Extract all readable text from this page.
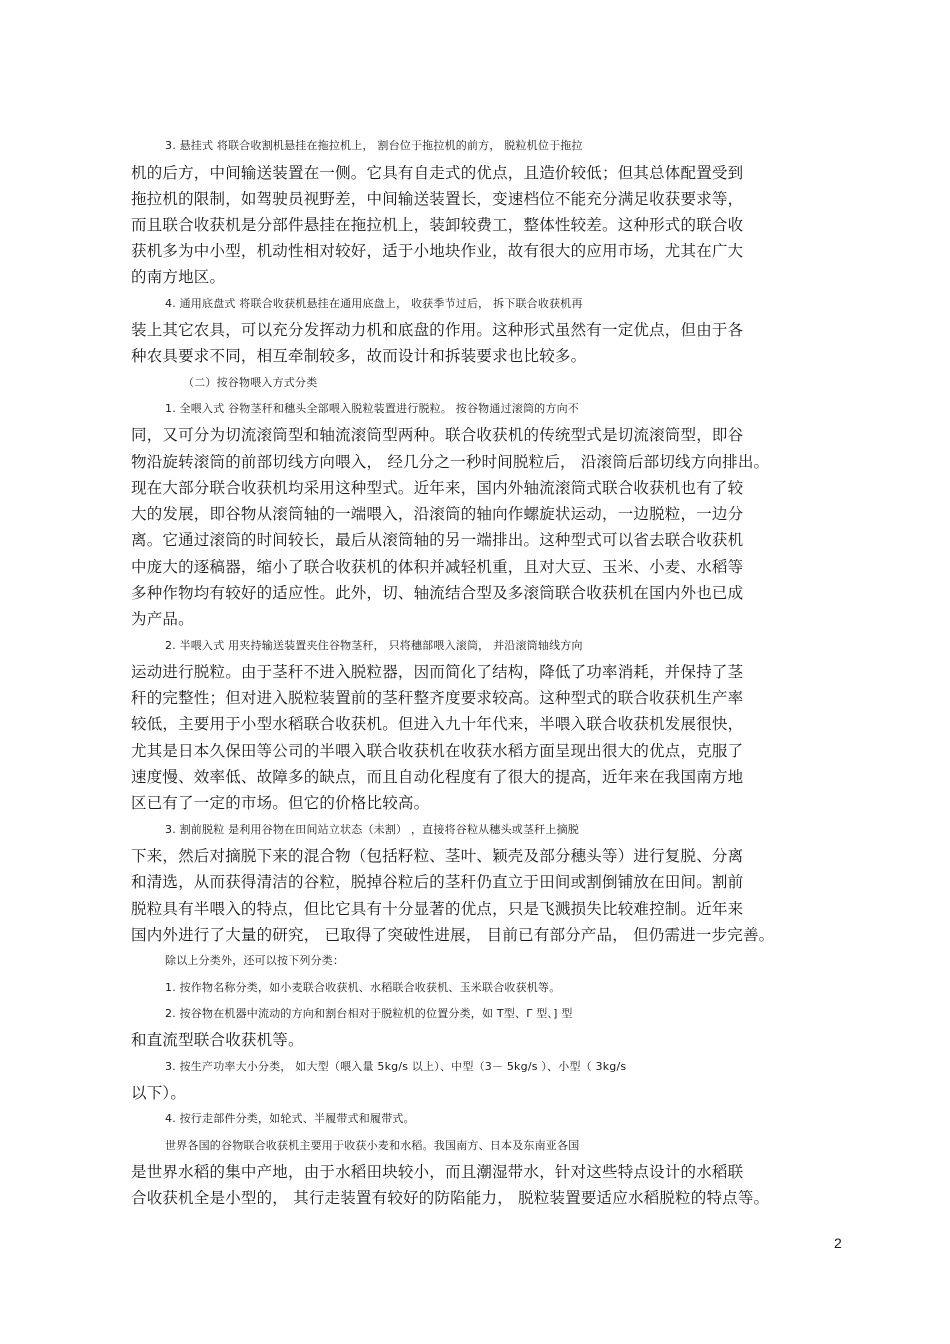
3. 悬挂式 将联合收割机悬挂在拖拉机上， 割台位于拖拉机的前方， 脱粒机位于拖拉
机的后方，中间输送装置在一侧。它具有自走式的优点，且造价较低；但其总体配置受到
拖拉机的限制，如驾驶员视野差，中间输送装置长，变速档位不能充分满足收获要求等，
而且联合收获机是分部件悬挂在拖拉机上，装卸较费工，整体性较差。这种形式的联合收
获机多为中小型，机动性相对较好，适于小地块作业，故有很大的应用市场，尤其在广大
的南方地区。
4. 通用底盘式 将联合收获机悬挂在通用底盘上， 收获季节过后， 拆下联合收获机再
装上其它农具，可以充分发挥动力机和底盘的作用。这种形式虽然有一定优点，但由于各
种农具要求不同，相互牵制较多，故而设计和拆装要求也比较多。
（二）按谷物喂入方式分类
1. 全喂入式 谷物茎秆和穗头全部喂入脱粒装置进行脱粒。 按谷物通过滚筒的方向不
同，又可分为切流滚筒型和轴流滚筒型两种。联合收获机的传统型式是切流滚筒型，即谷
物沿旋转滚筒的前部切线方向喂入， 经几分之一秒时间脱粒后， 沿滚筒后部切线方向排出。
现在大部分联合收获机均采用这种型式。近年来，国内外轴流滚筒式联合收获机也有了较
大的发展，即谷物从滚筒轴的一端喂入，沿滚筒的轴向作螺旋状运动，一边脱粒，一边分
离。它通过滚筒的时间较长，最后从滚筒轴的另一端排出。这种型式可以省去联合收获机
中庞大的逐稿器，缩小了联合收获机的体积并减轻机重，且对大豆、玉米、小麦、水稻等
多种作物均有较好的适应性。此外，切、轴流结合型及多滚筒联合收获机在国内外也已成
为产品。
2. 半喂入式 用夹持输送装置夹住谷物茎秆， 只将穗部喂入滚筒， 并沿滚筒轴线方向
运动进行脱粒。由于茎秆不进入脱粒器，因而简化了结构，降低了功率消耗，并保持了茎
秆的完整性；但对进入脱粒装置前的茎秆整齐度要求较高。这种型式的联合收获机生产率
较低，主要用于小型水稻联合收获机。但进入九十年代来，半喂入联合收获机发展很快，
尤其是日本久保田等公司的半喂入联合收获机在收获水稻方面呈现出很大的优点，克服了
速度慢、效率低、故障多的缺点，而且自动化程度有了很大的提高，近年来在我国南方地
区已有了一定的市场。但它的价格比较高。
3. 割前脱粒 是利用谷物在田间站立状态（未割） ，直接将谷粒从穗头或茎秆上摘脱
下来，然后对摘脱下来的混合物（包括籽粒、茎叶、颖壳及部分穗头等）进行复脱、分离
和清选，从而获得清洁的谷粒，脱掉谷粒后的茎秆仍直立于田间或割倒铺放在田间。割前
脱粒具有半喂入的特点，但比它具有十分显著的优点，只是飞溅损失比较难控制。近年来
国内外进行了大量的研究， 已取得了突破性进展， 目前已有部分产品， 但仍需进一步完善。
除以上分类外，还可以按下列分类：
1. 按作物名称分类，如小麦联合收获机、水稻联合收获机、玉米联合收获机等。
2. 按谷物在机器中流动的方向和割台相对于脱粒机的位置分类，如 T型、Γ 型、] 型
和直流型联合收获机等。
3. 按生产功率大小分类， 如大型（喂入量 5kg/s 以上）、中型（3－ 5kg/s ）、小型（ 3kg/s
以下）。
4. 按行走部件分类，如轮式、半履带式和履带式。
世界各国的谷物联合收获机主要用于收获小麦和水稻。我国南方、日本及东南亚各国
是世界水稻的集中产地，由于水稻田块较小，而且潮湿带水，针对这些特点设计的水稻联
合收获机全是小型的， 其行走装置有较好的防陷能力， 脱粒装置要适应水稻脱粒的特点等。
2
